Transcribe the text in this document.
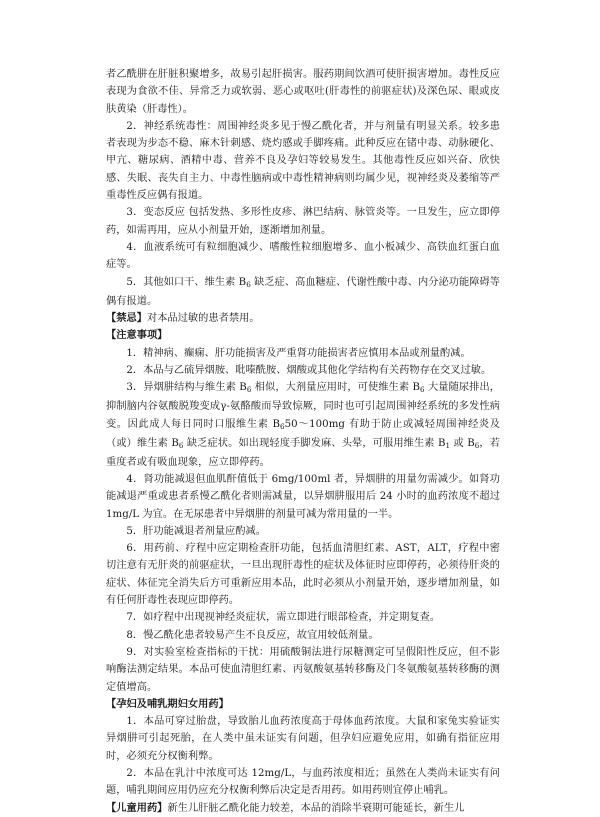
者乙酰肼在肝脏积聚增多，故易引起肝损害。服药期间饮酒可使肝损害增加。毒性反应表现为食欲不佳、异常乏力或软弱、恶心或呕吐(肝毒性的前驱症状)及深色尿、眼或皮肤黄染（肝毒性）。

2．神经系统毒性：周围神经炎多见于慢乙酰化者，并与剂量有明显关系。较多患者表现为步态不稳、麻木针刺感、烧灼感或手脚疼痛。此种反应在锗中毒、动脉硬化、甲亢、糖尿病、酒精中毒、营养不良及孕妇等较易发生。其他毒性反应如兴奋、欣快感、失眠、丧失自主力、中毒性脑病或中毒性精神病则均属少见，视神经炎及萎缩等严重毒性反应偶有报道。

3．变态反应 包括发热、多形性皮疹、淋巴结病、脉管炎等。一旦发生，应立即停药，如需再用，应从小剂量开始，逐渐增加剂量。

4．血液系统可有粒细胞减少、嗜酸性粒细胞增多、血小板减少、高铁血红蛋白血症等。

5．其他如口干、维生素 $B_6$ 缺乏症、高血糖症、代谢性酸中毒、内分泌功能障碍等偶有报道。

【禁忌】对本品过敏的患者禁用。

【注意事项】

1．精神病、癫痫、肝功能损害及严重肾功能损害者应慎用本品或剂量酌减。

2．本品与乙硫异烟胺、吡嗪酰胺、烟酸或其他化学结构有关药物存在交叉过敏。

3．异烟肼结构与维生素 $B_6$ 相似，大剂量应用时，可使维生素 $B_6$ 大量随尿排出，抑制脑内谷氨酸脱羧变成γ-氨酪酸而导致惊厥，同时也可引起周围神经系统的多发性病变。因此成人每日同时口服维生素 $B_650\sim 100mg$ 有助于防止或减轻周围神经炎及（或）维生素 $B_6$ 缺乏症状。如出现轻度手脚发麻、头晕，可服用维生素 $B_1$ 或 $B_6$，若重度者或有吸血现象，应立即停药。

4．肾功能减退但血肌酐值低于 6mg/100ml 者，异烟肼的用量勿需减少。如肾功能减退严重或患者系慢乙酰化者则需减量，以异烟肼服用后 24 小时的血药浓度不超过 1mg/L 为宜。在无尿患者中异烟肼的剂量可减为常用量的一半。

5．肝功能减退者剂量应酌减。

6．用药前、疗程中应定期检查肝功能，包括血清胆红素、AST，ALT，疗程中密切注意有无肝炎的前驱症状，一旦出现肝毒性的症状及体征时应即停药，必须待肝炎的症状、体征完全消失后方可重新应用本品，此时必须从小剂量开始，逐步增加剂量，如有任何肝毒性表现应即停药。

7．如疗程中出现视神经炎症状，需立即进行眼部检查，并定期复查。

8．慢乙酰化患者较易产生不良反应，故宜用较低剂量。

9．对实验室检查指标的干扰：用硫酸铜法进行尿糖测定可呈假阳性反应，但不影响酶法测定结果。本品可使血清胆红素、丙氨酸氨基转移酶及门冬氨酸氨基转移酶的测定值增高。

【孕妇及哺乳期妇女用药】

1．本品可穿过胎盘，导致胎儿血药浓度高于母体血药浓度。大鼠和家兔实验证实异烟肼可引起死胎，在人类中虽未证实有问题，但孕妇应避免应用，如确有指征应用时，必须充分权衡利弊。

2．本品在乳汁中浓度可达 12mg/L，与血药浓度相近；虽然在人类尚未证实有问题，哺乳期间应用仍应充分权衡利弊后决定是否用药。如用药则宜停止哺乳。

【儿童用药】新生儿肝脏乙酰化能力较差，本品的消除半衰期可能延长，新生儿
